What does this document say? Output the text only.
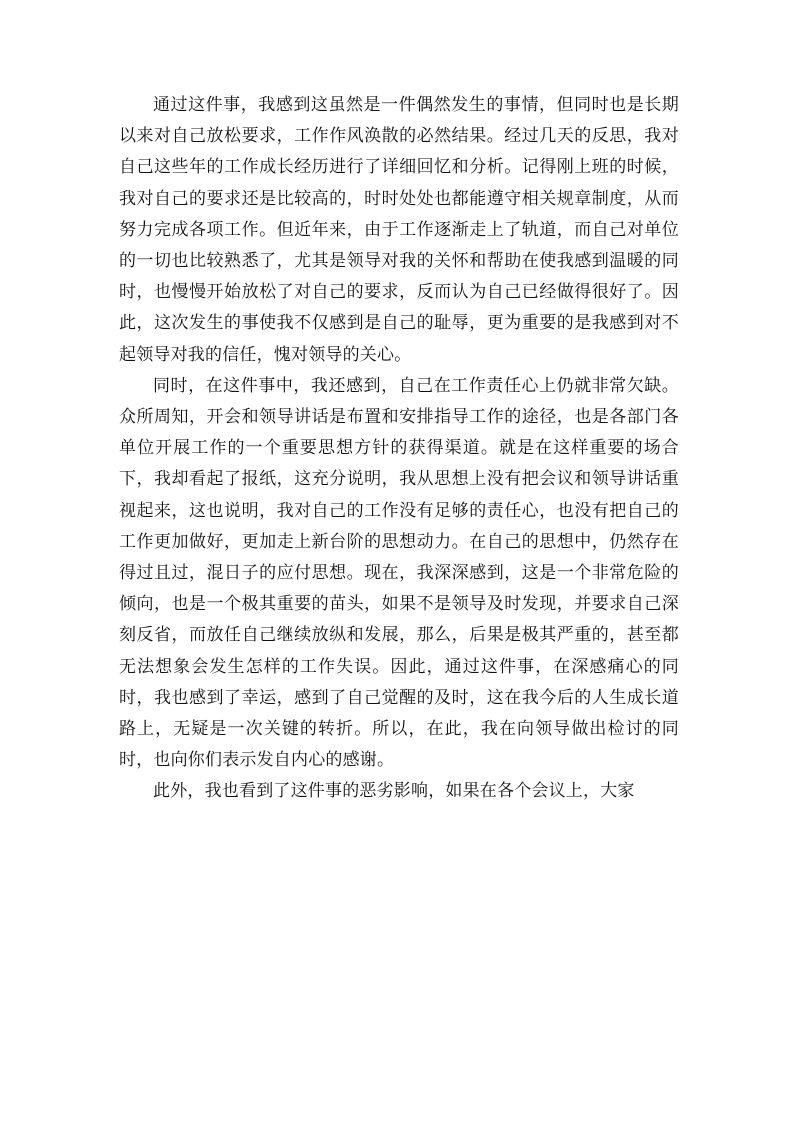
通过这件事，我感到这虽然是一件偶然发生的事情，但同时也是长期以来对自己放松要求，工作作风涣散的必然结果。经过几天的反思，我对自己这些年的工作成长经历进行了详细回忆和分析。记得刚上班的时候，我对自己的要求还是比较高的，时时处处也都能遵守相关规章制度，从而努力完成各项工作。但近年来，由于工作逐渐走上了轨道，而自己对单位的一切也比较熟悉了，尤其是领导对我的关怀和帮助在使我感到温暖的同时，也慢慢开始放松了对自己的要求，反而认为自己已经做得很好了。因此，这次发生的事使我不仅感到是自己的耻辱，更为重要的是我感到对不起领导对我的信任，愧对领导的关心。

同时，在这件事中，我还感到，自己在工作责任心上仍就非常欠缺。众所周知，开会和领导讲话是布置和安排指导工作的途径，也是各部门各单位开展工作的一个重要思想方针的获得渠道。就是在这样重要的场合下，我却看起了报纸，这充分说明，我从思想上没有把会议和领导讲话重视起来，这也说明，我对自己的工作没有足够的责任心，也没有把自己的工作更加做好，更加走上新台阶的思想动力。在自己的思想中，仍然存在得过且过，混日子的应付思想。现在，我深深感到，这是一个非常危险的倾向，也是一个极其重要的苗头，如果不是领导及时发现，并要求自己深刻反省，而放任自己继续放纵和发展，那么，后果是极其严重的，甚至都无法想象会发生怎样的工作失误。因此，通过这件事，在深感痛心的同时，我也感到了幸运，感到了自己觉醒的及时，这在我今后的人生成长道路上，无疑是一次关键的转折。所以，在此，我在向领导做出检讨的同时，也向你们表示发自内心的感谢。

此外，我也看到了这件事的恶劣影响，如果在各个会议上，大家
